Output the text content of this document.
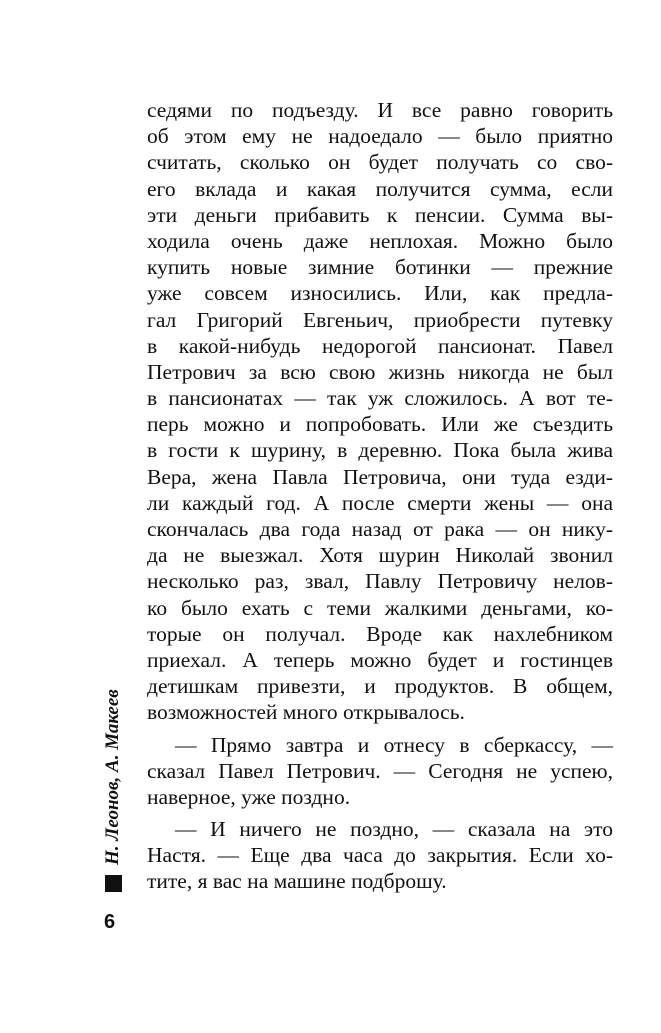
Н. Леонов, А. Макеев
седями по подъезду. И все равно говорить
об этом ему не надоедало — было приятно
считать, сколько он будет получать со сво-
его вклада и какая получится сумма, если
эти деньги прибавить к пенсии. Сумма вы-
ходила очень даже неплохая. Можно было
купить новые зимние ботинки — прежние
уже совсем износились. Или, как предла-
гал Григорий Евгеньич, приобрести путевку
в какой-нибудь недорогой пансионат. Павел
Петрович за всю свою жизнь никогда не был
в пансионатах — так уж сложилось. А вот те-
перь можно и попробовать. Или же съездить
в гости к шурину, в деревню. Пока была жива
Вера, жена Павла Петровича, они туда езди-
ли каждый год. А после смерти жены — она
скончалась два года назад от рака — он нику-
да не выезжал. Хотя шурин Николай звонил
несколько раз, звал, Павлу Петровичу нелов-
ко было ехать с теми жалкими деньгами, ко-
торые он получал. Вроде как нахлебником
приехал. А теперь можно будет и гостинцев
детишкам привезти, и продуктов. В общем,
возможностей много открывалось.
— Прямо завтра и отнесу в сберкассу, —
сказал Павел Петрович. — Сегодня не успею,
наверное, уже поздно.
— И ничего не поздно, — сказала на это
Настя. — Еще два часа до закрытия. Если хо-
тите, я вас на машине подброшу.
6
